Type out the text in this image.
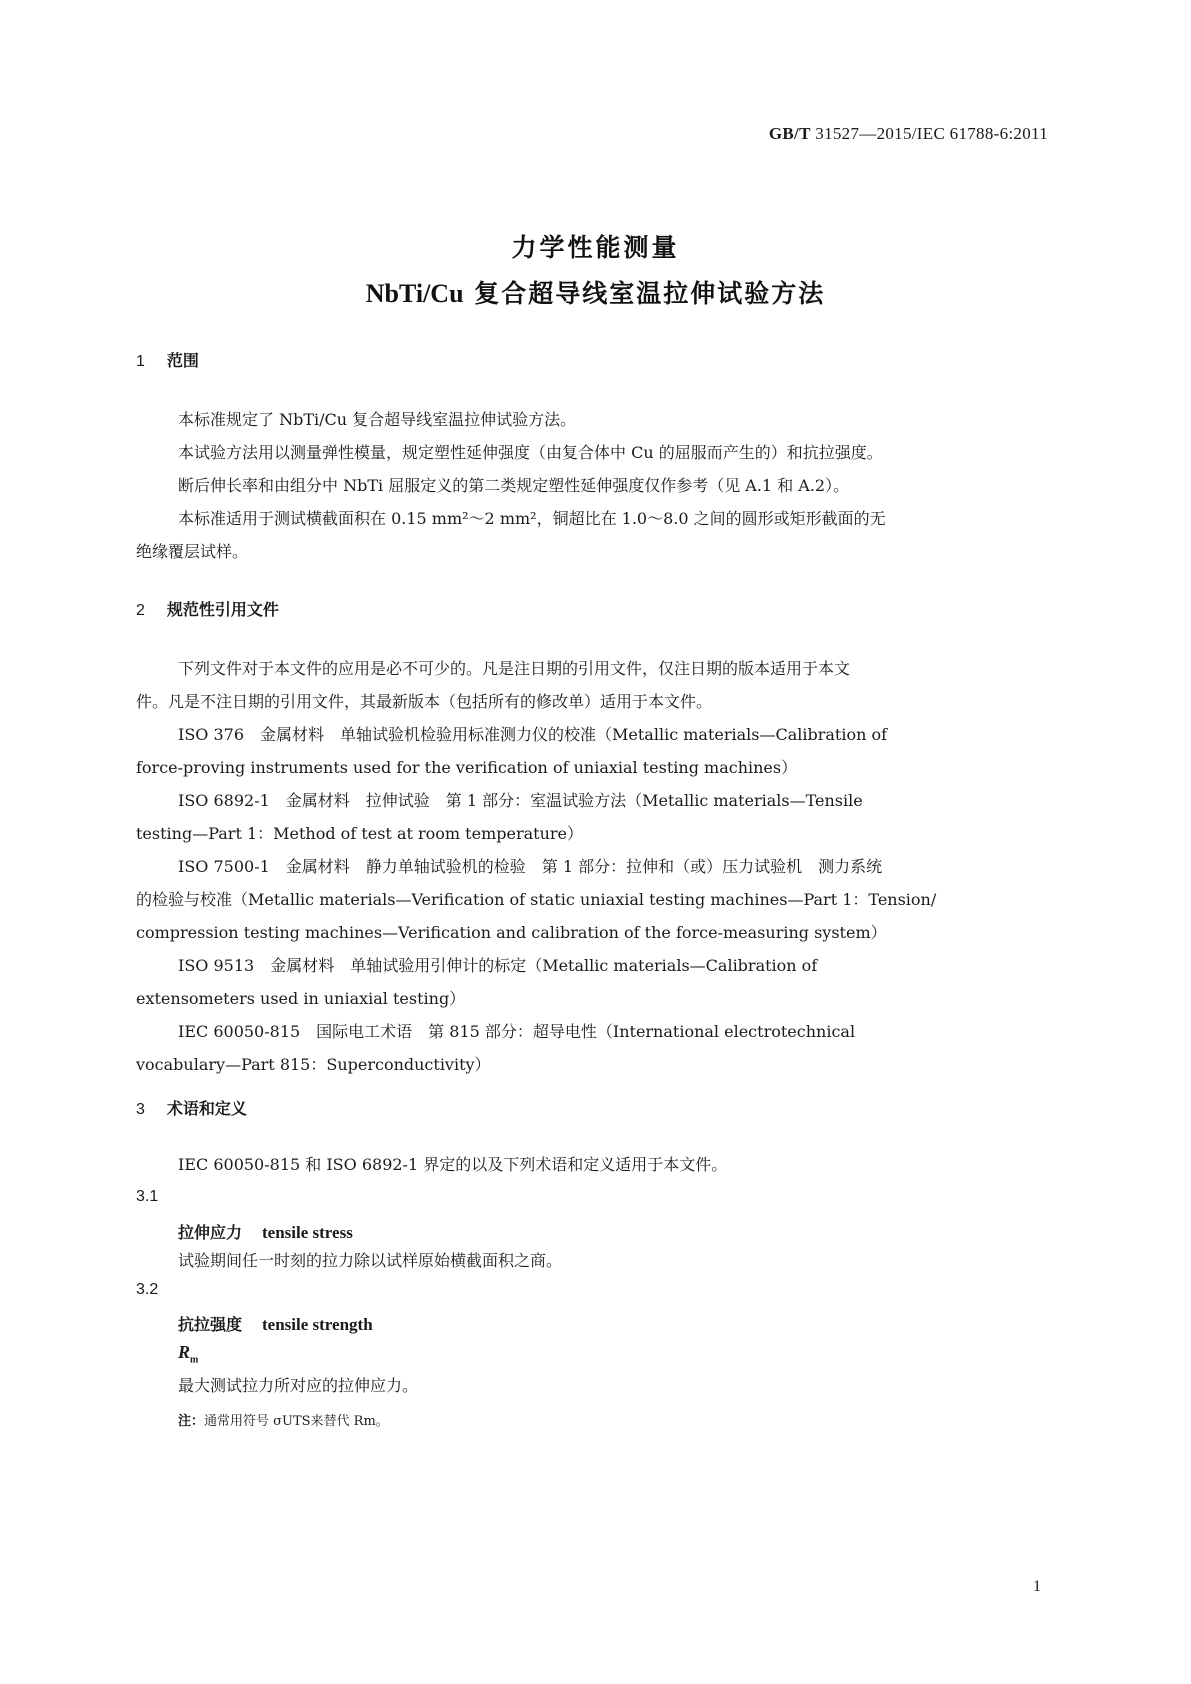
GB/T 31527—2015/IEC 61788-6:2011
力学性能测量
NbTi/Cu 复合超导线室温拉伸试验方法
1 范围
本标准规定了 NbTi/Cu 复合超导线室温拉伸试验方法。
本试验方法用以测量弹性模量，规定塑性延伸强度（由复合体中 Cu 的屈服而产生的）和抗拉强度。
断后伸长率和由组分中 NbTi 屈服定义的第二类规定塑性延伸强度仅作参考（见 A.1 和 A.2）。
本标准适用于测试横截面积在 0.15 mm²～2 mm²，铜超比在 1.0～8.0 之间的圆形或矩形截面的无
绝缘覆层试样。
2 规范性引用文件
下列文件对于本文件的应用是必不可少的。凡是注日期的引用文件，仅注日期的版本适用于本文
件。凡是不注日期的引用文件，其最新版本（包括所有的修改单）适用于本文件。
ISO 376　金属材料　单轴试验机检验用标准测力仪的校准（Metallic materials—Calibration of
force-proving instruments used for the verification of uniaxial testing machines）
ISO 6892-1　金属材料　拉伸试验　第 1 部分：室温试验方法（Metallic materials—Tensile
testing—Part 1：Method of test at room temperature）
ISO 7500-1　金属材料　静力单轴试验机的检验　第 1 部分：拉伸和（或）压力试验机　测力系统
的检验与校准（Metallic materials—Verification of static uniaxial testing machines—Part 1：Tension/
compression testing machines—Verification and calibration of the force-measuring system）
ISO 9513　金属材料　单轴试验用引伸计的标定（Metallic materials—Calibration of
extensometers used in uniaxial testing）
IEC 60050-815　国际电工术语　第 815 部分：超导电性（International electrotechnical
vocabulary—Part 815：Superconductivity）
3 术语和定义
IEC 60050-815 和 ISO 6892-1 界定的以及下列术语和定义适用于本文件。
3.1
拉伸应力 tensile stress
试验期间任一时刻的拉力除以试样原始横截面积之商。
3.2
抗拉强度 tensile strength
$R_m$
最大测试拉力所对应的拉伸应力。
注：通常用符号 σUTS来替代 Rm。
1
